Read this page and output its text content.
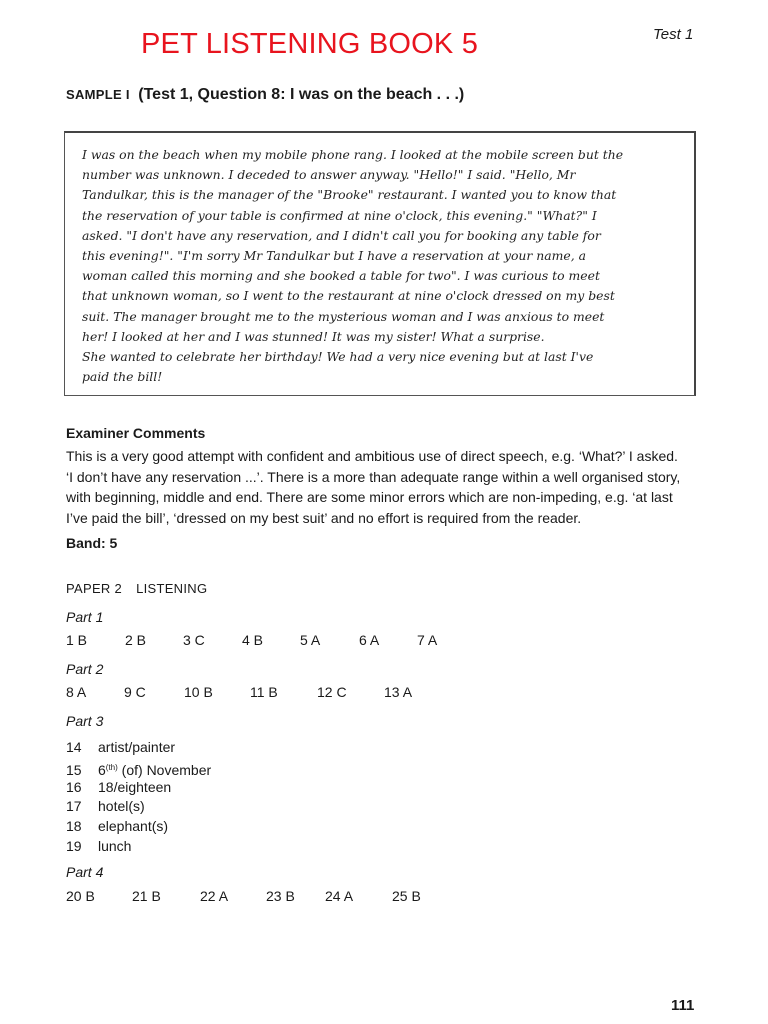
PET LISTENING BOOK 5	Test 1
SAMPLE I (Test 1, Question 8: I was on the beach . . .)

I was on the beach when my mobile phone rang. I looked at the mobile screen but the
number was unknown. I deceded to answer anyway. "Hello!" I said. "Hello, Mr
Tandulkar, this is the manager of the "Brooke" restaurant. I wanted you to know that
the reservation of your table is confirmed at nine o'clock, this evening." "What?" I
asked. "I don't have any reservation, and I didn't call you for booking any table for
this evening!". "I'm sorry Mr Tandulkar but I have a reservation at your name, a
woman called this morning and she booked a table for two". I was curious to meet
that unknown woman, so I went to the restaurant at nine o'clock dressed on my best
suit. The manager brought me to the mysterious woman and I was anxious to meet
her! I looked at her and I was stunned! It was my sister! What a surprise.
She wanted to celebrate her birthday! We had a very nice evening but at last I've
paid the bill!

Examiner Comments

This is a very good attempt with confident and ambitious use of direct speech, e.g. ‘What?’ I asked.
‘I don’t have any reservation ...’. There is a more than adequate range within a well organised story,
with beginning, middle and end. There are some minor errors which are non-impeding, e.g. ‘at last
I’ve paid the bill’, ‘dressed on my best suit’ and no effort is required from the reader.

Band: 5
PAPER 2 LISTENING
Part 1
1 B	2 B	3 C	4 B	5 A	6 A	7 A
Part 2
8 A	9 C	10 B	11 B	12 C	13 A
Part 3
14 artist/painter
15 $6^{(th)}$ (of) November
16 18/eighteen
17 hotel(s)
18 elephant(s)
19 lunch
Part 4
20 B	21 B	22 A	23 B 24 A	25 B
111
